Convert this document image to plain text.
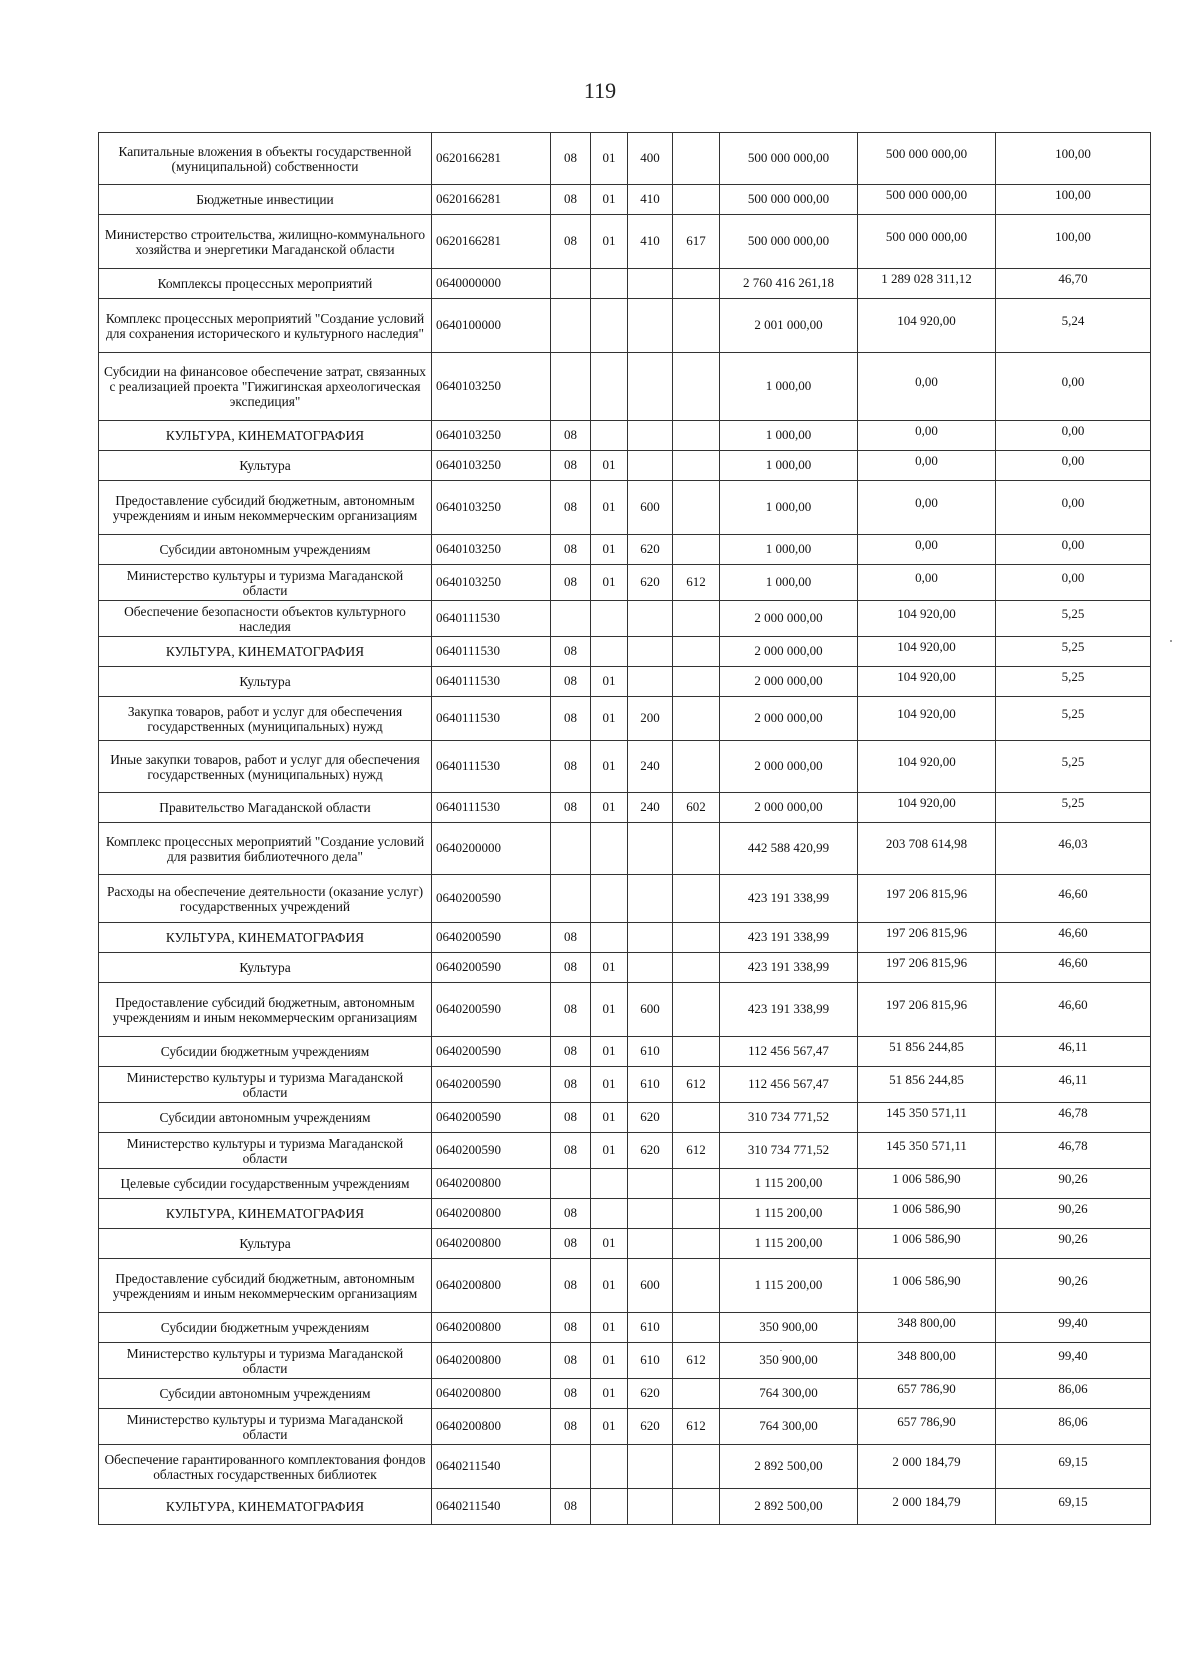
119
Капитальные вложения в объекты государственной (муниципальной) собственности	0620166281	08	01	400		500 000 000,00	500 000 000,00	100,00
Бюджетные инвестиции	0620166281	08	01	410		500 000 000,00	500 000 000,00	100,00
Министерство строительства, жилищно-коммунального хозяйства и энергетики Магаданской области	0620166281	08	01	410	617	500 000 000,00	500 000 000,00	100,00
Комплексы процессных мероприятий	0640000000					2 760 416 261,18	1 289 028 311,12	46,70
Комплекс процессных мероприятий "Создание условий для сохранения исторического и культурного наследия"	0640100000					2 001 000,00	104 920,00	5,24
Субсидии на финансовое обеспечение затрат, связанных с реализацией проекта "Гижигинская археологическая экспедиция"	0640103250					1 000,00	0,00	0,00
КУЛЬТУРА, КИНЕМАТОГРАФИЯ	0640103250	08				1 000,00	0,00	0,00
Культура	0640103250	08	01			1 000,00	0,00	0,00
Предоставление субсидий бюджетным, автономным учреждениям и иным некоммерческим организациям	0640103250	08	01	600		1 000,00	0,00	0,00
Субсидии автономным учреждениям	0640103250	08	01	620		1 000,00	0,00	0,00
Министерство культуры и туризма Магаданской области	0640103250	08	01	620	612	1 000,00	0,00	0,00
Обеспечение безопасности объектов культурного наследия	0640111530					2 000 000,00	104 920,00	5,25
КУЛЬТУРА, КИНЕМАТОГРАФИЯ	0640111530	08				2 000 000,00	104 920,00	5,25
Культура	0640111530	08	01			2 000 000,00	104 920,00	5,25
Закупка товаров, работ и услуг для обеспечения государственных (муниципальных) нужд	0640111530	08	01	200		2 000 000,00	104 920,00	5,25
Иные закупки товаров, работ и услуг для обеспечения государственных (муниципальных) нужд	0640111530	08	01	240		2 000 000,00	104 920,00	5,25
Правительство Магаданской области	0640111530	08	01	240	602	2 000 000,00	104 920,00	5,25
Комплекс процессных мероприятий "Создание условий для развития библиотечного дела"	0640200000					442 588 420,99	203 708 614,98	46,03
Расходы на обеспечение деятельности (оказание услуг) государственных учреждений	0640200590					423 191 338,99	197 206 815,96	46,60
КУЛЬТУРА, КИНЕМАТОГРАФИЯ	0640200590	08				423 191 338,99	197 206 815,96	46,60
Культура	0640200590	08	01			423 191 338,99	197 206 815,96	46,60
Предоставление субсидий бюджетным, автономным учреждениям и иным некоммерческим организациям	0640200590	08	01	600		423 191 338,99	197 206 815,96	46,60
Субсидии бюджетным учреждениям	0640200590	08	01	610		112 456 567,47	51 856 244,85	46,11
Министерство культуры и туризма Магаданской области	0640200590	08	01	610	612	112 456 567,47	51 856 244,85	46,11
Субсидии автономным учреждениям	0640200590	08	01	620		310 734 771,52	145 350 571,11	46,78
Министерство культуры и туризма Магаданской области	0640200590	08	01	620	612	310 734 771,52	145 350 571,11	46,78
Целевые субсидии государственным учреждениям	0640200800					1 115 200,00	1 006 586,90	90,26
КУЛЬТУРА, КИНЕМАТОГРАФИЯ	0640200800	08				1 115 200,00	1 006 586,90	90,26
Культура	0640200800	08	01			1 115 200,00	1 006 586,90	90,26
Предоставление субсидий бюджетным, автономным учреждениям и иным некоммерческим организациям	0640200800	08	01	600		1 115 200,00	1 006 586,90	90,26
Субсидии бюджетным учреждениям	0640200800	08	01	610		350 900,00	348 800,00	99,40
Министерство культуры и туризма Магаданской области	0640200800	08	01	610	612	350 900,00	348 800,00	99,40
Субсидии автономным учреждениям	0640200800	08	01	620		764 300,00	657 786,90	86,06
Министерство культуры и туризма Магаданской области	0640200800	08	01	620	612	764 300,00	657 786,90	86,06
Обеспечение гарантированного комплектования фондов областных государственных библиотек	0640211540					2 892 500,00	2 000 184,79	69,15
КУЛЬТУРА, КИНЕМАТОГРАФИЯ	0640211540	08				2 892 500,00	2 000 184,79	69,15
